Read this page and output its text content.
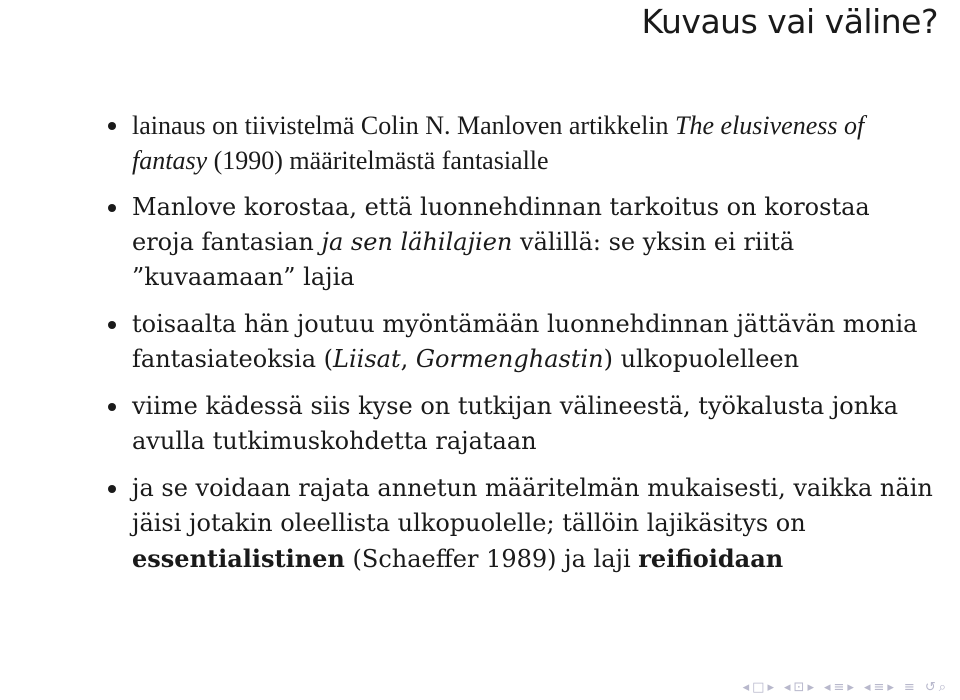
Kuvaus vai väline?
lainaus on tiivistelmä Colin N. Manloven artikkelin The elusiveness of fantasy (1990) määritelmästä fantasialle
Manlove korostaa, että luonnehdinnan tarkoitus on korostaa eroja fantasian ja sen lähilajien välillä: se yksin ei riitä ”kuvaamaan” lajia
toisaalta hän joutuu myöntämään luonnehdinnan jättävän monia fantasiateoksia (Liisat, Gormenghastin) ulkopuolelleen
viime kädessä siis kyse on tutkijan välineestä, työkalusta jonka avulla tutkimuskohdetta rajataan
ja se voidaan rajata annetun määritelmän mukaisesti, vaikka näin jäisi jotakin oleellista ulkopuolelle; tällöin lajikäsitys on essentialistinen (Schaeffer 1989) ja laji reifioidaan
◂ □ ▸ ◂ ⊡ ▸ ◂ ≡ ▸ ◂ ≡ ▸ ≡ ↺ ⌕
